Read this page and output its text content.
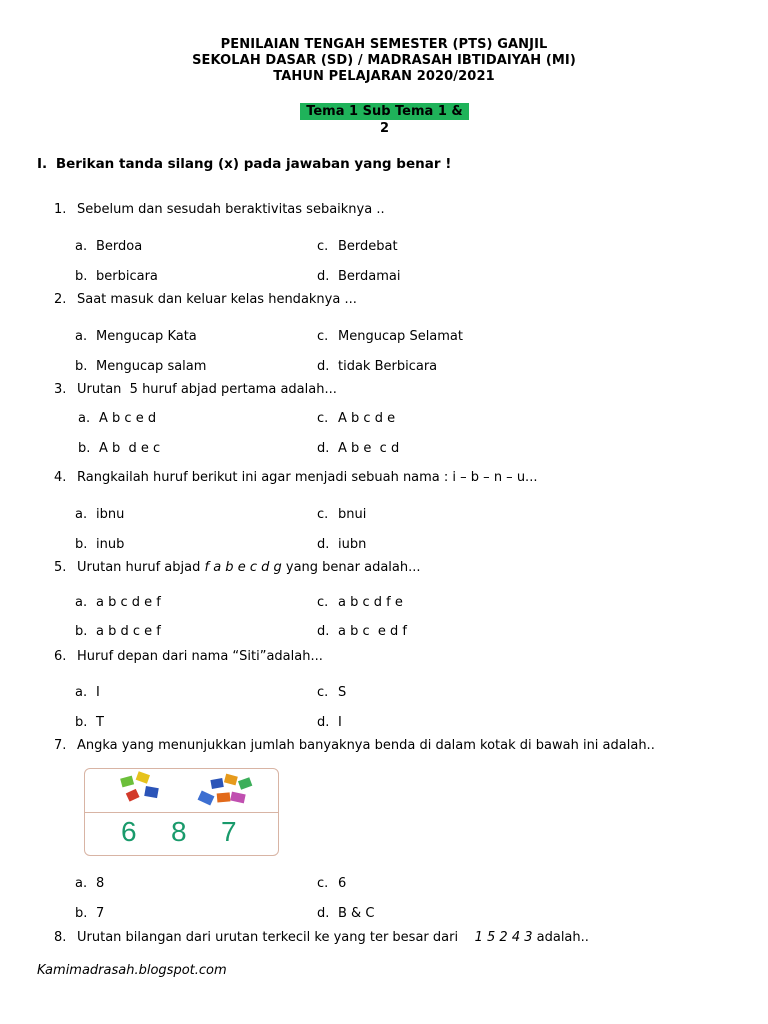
PENILAIAN TENGAH SEMESTER (PTS) GANJIL
SEKOLAH DASAR (SD) / MADRASAH IBTIDAIYAH (MI)
TAHUN PELAJARAN 2020/2021
Tema 1 Sub Tema 1 & 2
I. Berikan tanda silang (x) pada jawaban yang benar !
1. Sebelum dan sesudah beraktivitas sebaiknya ..
a. Berdoa
b. berbicara
c. Berdebat
d. Berdamai
2. Saat masuk dan keluar kelas hendaknya ...
a. Mengucap Kata
b. Mengucap salam
c. Mengucap Selamat
d. tidak Berbicara
3. Urutan  5 huruf abjad pertama adalah...
a. A b c e d
b. A b  d e c
c. A b c d e
d. A b e  c d
4. Rangkailah huruf berikut ini agar menjadi sebuah nama : i – b – n – u...
a. ibnu
b. inub
c. bnui
d. iubn
5. Urutan huruf abjad f a b e c d g yang benar adalah...
a. a b c d e f
b. a b d c e f
c. a b c d f e
d. a b c  e d f
6. Huruf depan dari nama “Siti”adalah...
a. I
b. T
c. S
d. I
7. Angka yang menunjukkan jumlah banyaknya benda di dalam kotak di bawah ini adalah..
6 8 7
a. 8
b. 7
c. 6
d. B & C
8. Urutan bilangan dari urutan terkecil ke yang ter besar dari    1 5 2 4 3 adalah..
Kamimadrasah.blogspot.com
